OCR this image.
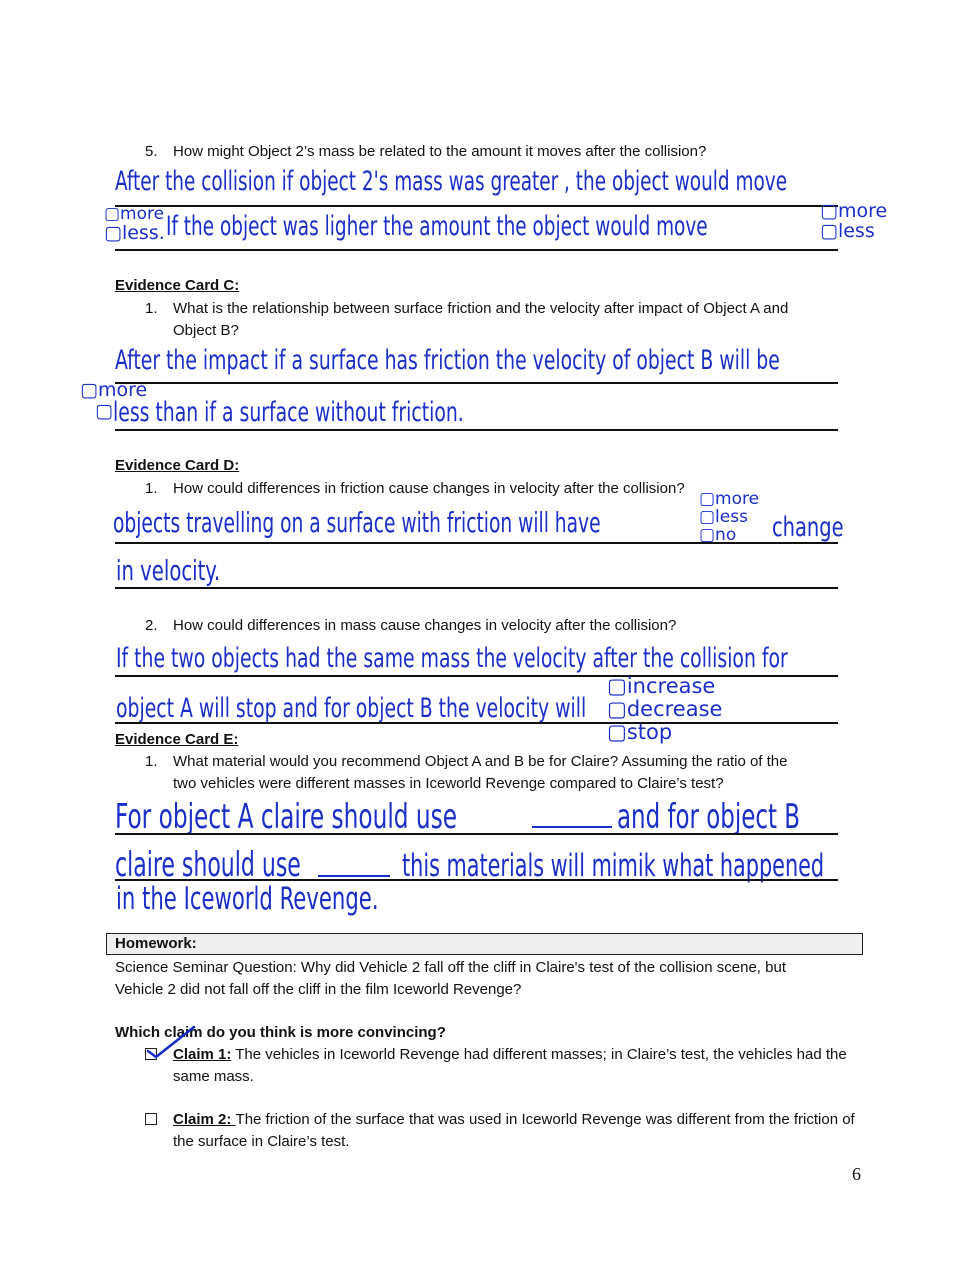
5. How might Object 2’s mass be related to the amount it moves after the collision?
After the collision if object 2's mass was greater , the object would move
▢more
▢less. If the object was ligher the amount the object would move	▢more
▢less
Evidence Card C:
1. What is the relationship between surface friction and the velocity after impact of Object A and
Object B?
After the impact if a surface has friction the velocity of object B will be
▢more
▢ less than if a surface without friction.
Evidence Card D:
1. How could differences in friction cause changes in velocity after the collision?
objects travelling on a surface with friction will have
▢more
▢less
▢no	change
in velocity.
2. How could differences in mass cause changes in velocity after the collision?
If the two objects had the same mass the velocity after the collision for
object A will stop and for object B the velocity will
▢increase
▢decrease
▢stop
Evidence Card E:
1. What material would you recommend Object A and B be for Claire? Assuming the ratio of the
two vehicles were different masses in Iceworld Revenge compared to Claire’s test?
For object A claire should use	and for object B
claire should use	this materials will mimik what happened
in the Iceworld Revenge.
Homework:
Science Seminar Question: Why did Vehicle 2 fall off the cliff in Claire's test of the collision scene, but
Vehicle 2 did not fall off the cliff in the film Iceworld Revenge?
Which claim do you think is more convincing?
Claim 1: The vehicles in Iceworld Revenge had different masses; in Claire’s test, the vehicles had the same mass.
Claim 2: The friction of the surface that was used in Iceworld Revenge was different from the friction of the surface in Claire’s test.
6
